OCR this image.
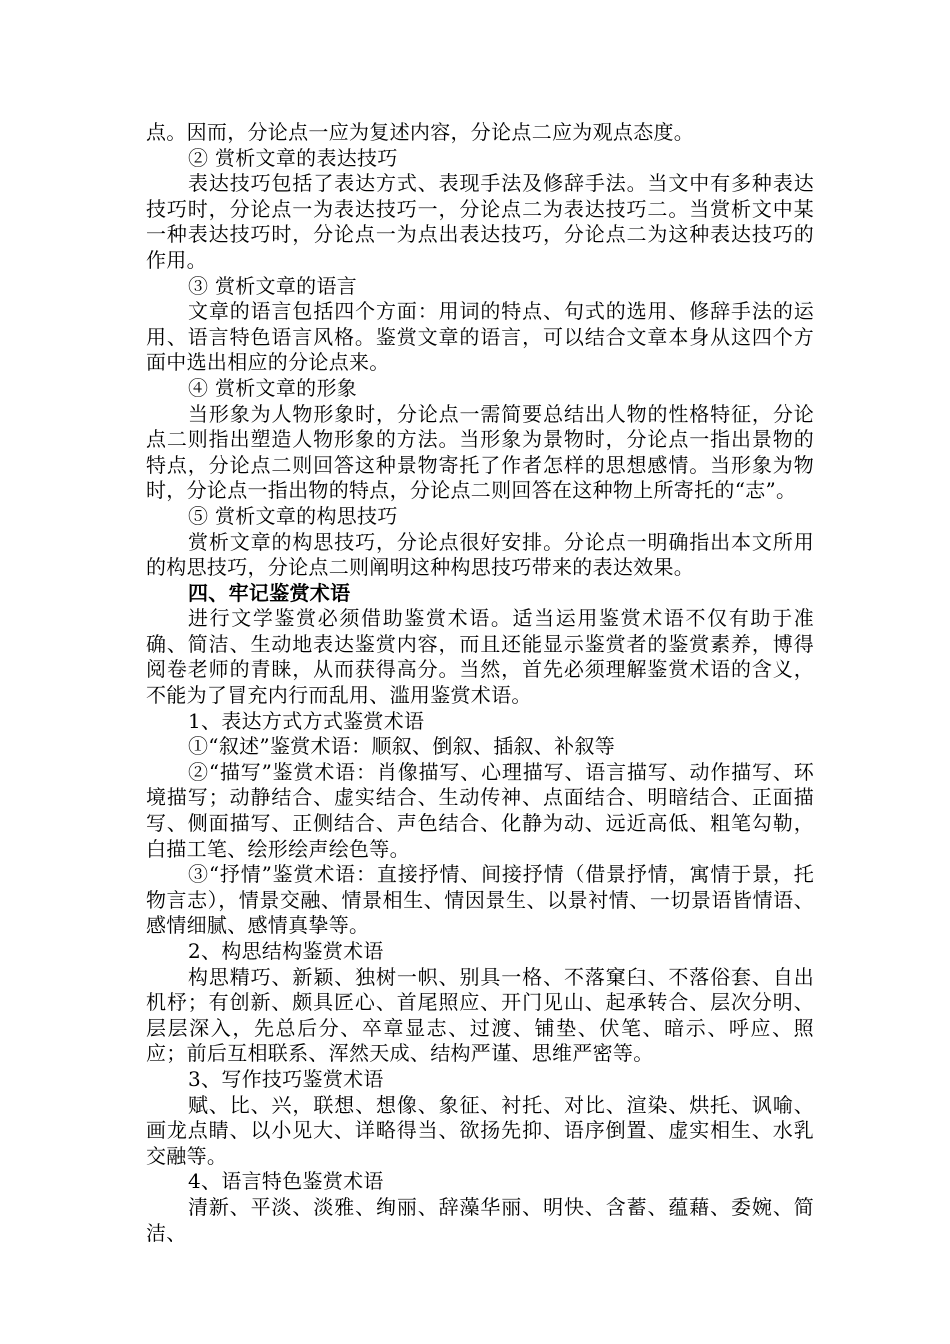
点。因而，分论点一应为复述内容，分论点二应为观点态度。

② 赏析文章的表达技巧

表达技巧包括了表达方式、表现手法及修辞手法。当文中有多种表达技巧时，分论点一为表达技巧一，分论点二为表达技巧二。当赏析文中某一种表达技巧时，分论点一为点出表达技巧，分论点二为这种表达技巧的作用。

③ 赏析文章的语言

文章的语言包括四个方面：用词的特点、句式的选用、修辞手法的运用、语言特色语言风格。鉴赏文章的语言，可以结合文章本身从这四个方面中选出相应的分论点来。

④ 赏析文章的形象

当形象为人物形象时，分论点一需简要总结出人物的性格特征，分论点二则指出塑造人物形象的方法。当形象为景物时，分论点一指出景物的特点，分论点二则回答这种景物寄托了作者怎样的思想感情。当形象为物时，分论点一指出物的特点，分论点二则回答在这种物上所寄托的“志”。

⑤ 赏析文章的构思技巧

赏析文章的构思技巧，分论点很好安排。分论点一明确指出本文所用的构思技巧，分论点二则阐明这种构思技巧带来的表达效果。

四、牢记鉴赏术语

进行文学鉴赏必须借助鉴赏术语。适当运用鉴赏术语不仅有助于准确、简洁、生动地表达鉴赏内容，而且还能显示鉴赏者的鉴赏素养，博得阅卷老师的青睐，从而获得高分。当然，首先必须理解鉴赏术语的含义，不能为了冒充内行而乱用、滥用鉴赏术语。

1、表达方式方式鉴赏术语

①“叙述”鉴赏术语：顺叙、倒叙、插叙、补叙等

②“描写”鉴赏术语：肖像描写、心理描写、语言描写、动作描写、环境描写；动静结合、虚实结合、生动传神、点面结合、明暗结合、正面描写、侧面描写、正侧结合、声色结合、化静为动、远近高低、粗笔勾勒，白描工笔、绘形绘声绘色等。

③“抒情”鉴赏术语：直接抒情、间接抒情（借景抒情，寓情于景，托物言志），情景交融、情景相生、情因景生、以景衬情、一切景语皆情语、感情细腻、感情真挚等。

2、构思结构鉴赏术语

构思精巧、新颖、独树一帜、别具一格、不落窠臼、不落俗套、自出机杼；有创新、颇具匠心、首尾照应、开门见山、起承转合、层次分明、层层深入，先总后分、卒章显志、过渡、铺垫、伏笔、暗示、呼应、照应；前后互相联系、浑然天成、结构严谨、思维严密等。

3、写作技巧鉴赏术语

赋、比、兴，联想、想像、象征、衬托、对比、渲染、烘托、讽喻、画龙点睛、以小见大、详略得当、欲扬先抑、语序倒置、虚实相生、水乳交融等。

4、语言特色鉴赏术语

清新、平淡、淡雅、绚丽、辞藻华丽、明快、含蓄、蕴藉、委婉、简洁、
